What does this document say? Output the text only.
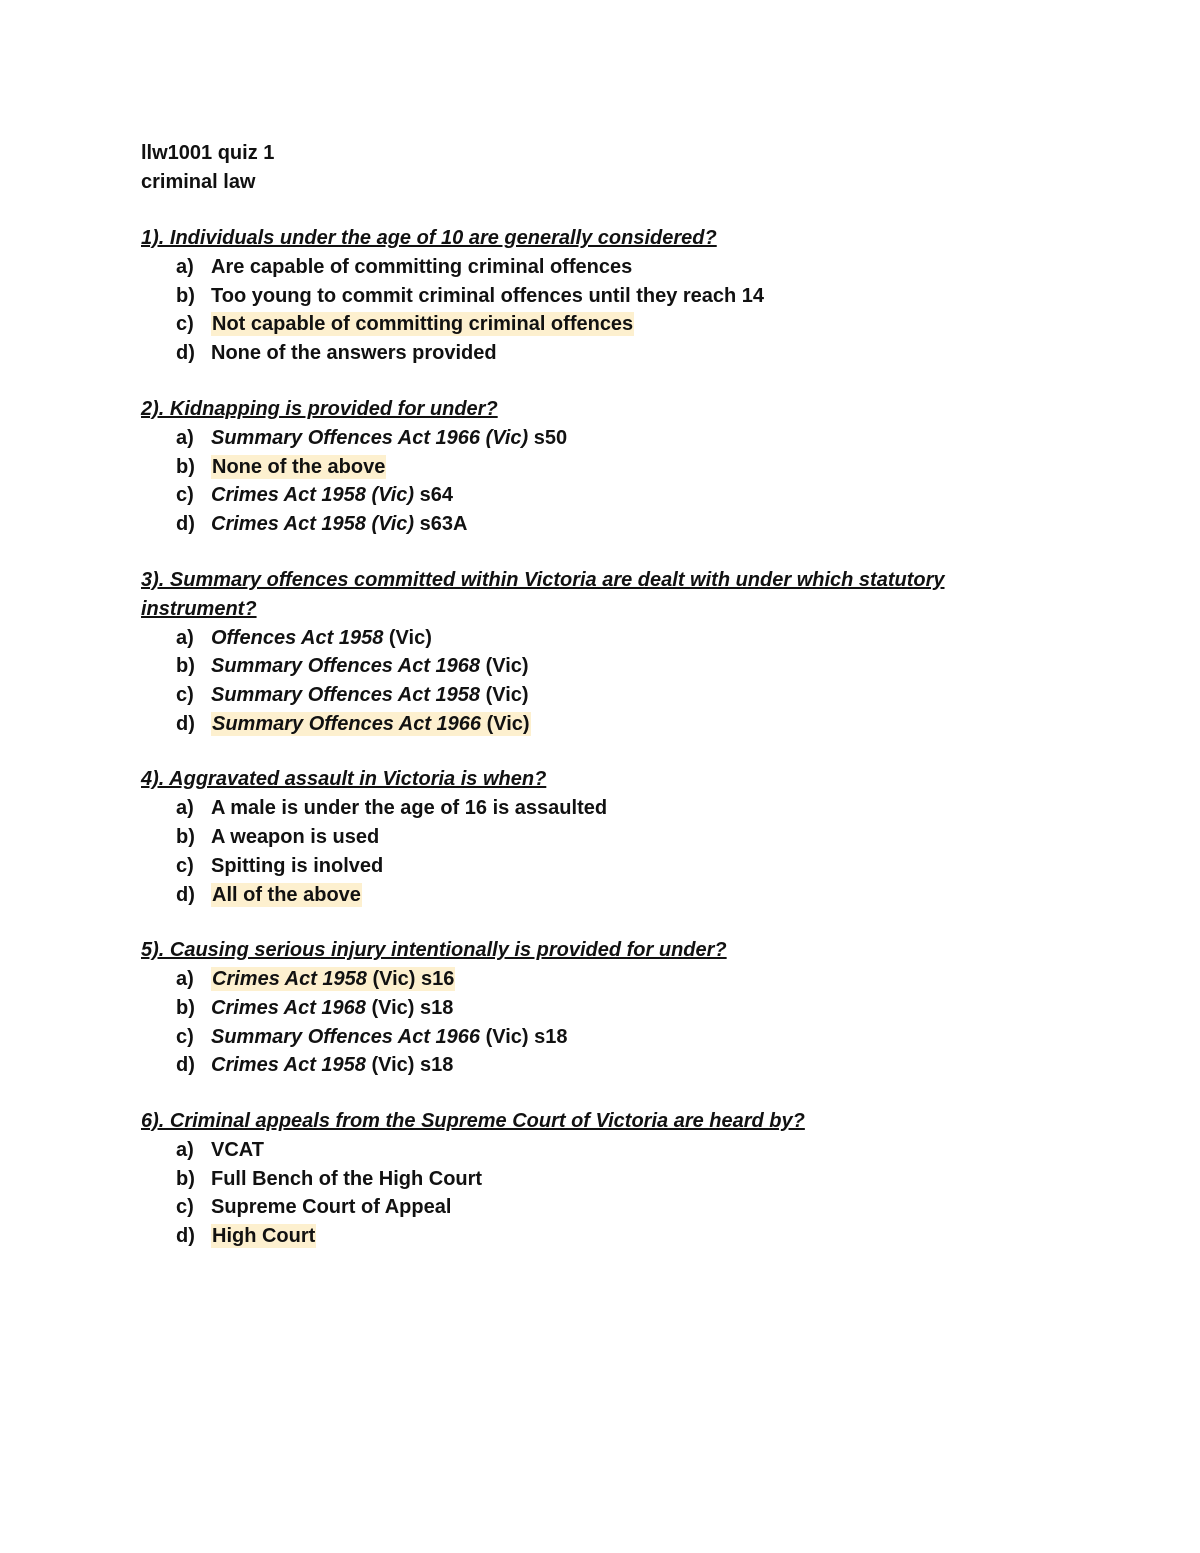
llw1001 quiz 1
criminal law
1). Individuals under the age of 10 are generally considered?
a) Are capable of committing criminal offences
b) Too young to commit criminal offences until they reach 14
c) Not capable of committing criminal offences
d) None of the answers provided
2). Kidnapping is provided for under?
a) Summary Offences Act 1966 (Vic) s50
b) None of the above
c) Crimes Act 1958 (Vic) s64
d) Crimes Act 1958 (Vic) s63A
3). Summary offences committed within Victoria are dealt with under which statutory instrument?
a) Offences Act 1958 (Vic)
b) Summary Offences Act 1968 (Vic)
c) Summary Offences Act 1958 (Vic)
d) Summary Offences Act 1966 (Vic)
4). Aggravated assault in Victoria is when?
a) A male is under the age of 16 is assaulted
b) A weapon is used
c) Spitting is inolved
d) All of the above
5). Causing serious injury intentionally is provided for under?
a) Crimes Act 1958 (Vic) s16
b) Crimes Act 1968 (Vic) s18
c) Summary Offences Act 1966 (Vic) s18
d) Crimes Act 1958 (Vic) s18
6). Criminal appeals from the Supreme Court of Victoria are heard by?
a) VCAT
b) Full Bench of the High Court
c) Supreme Court of Appeal
d) High Court
